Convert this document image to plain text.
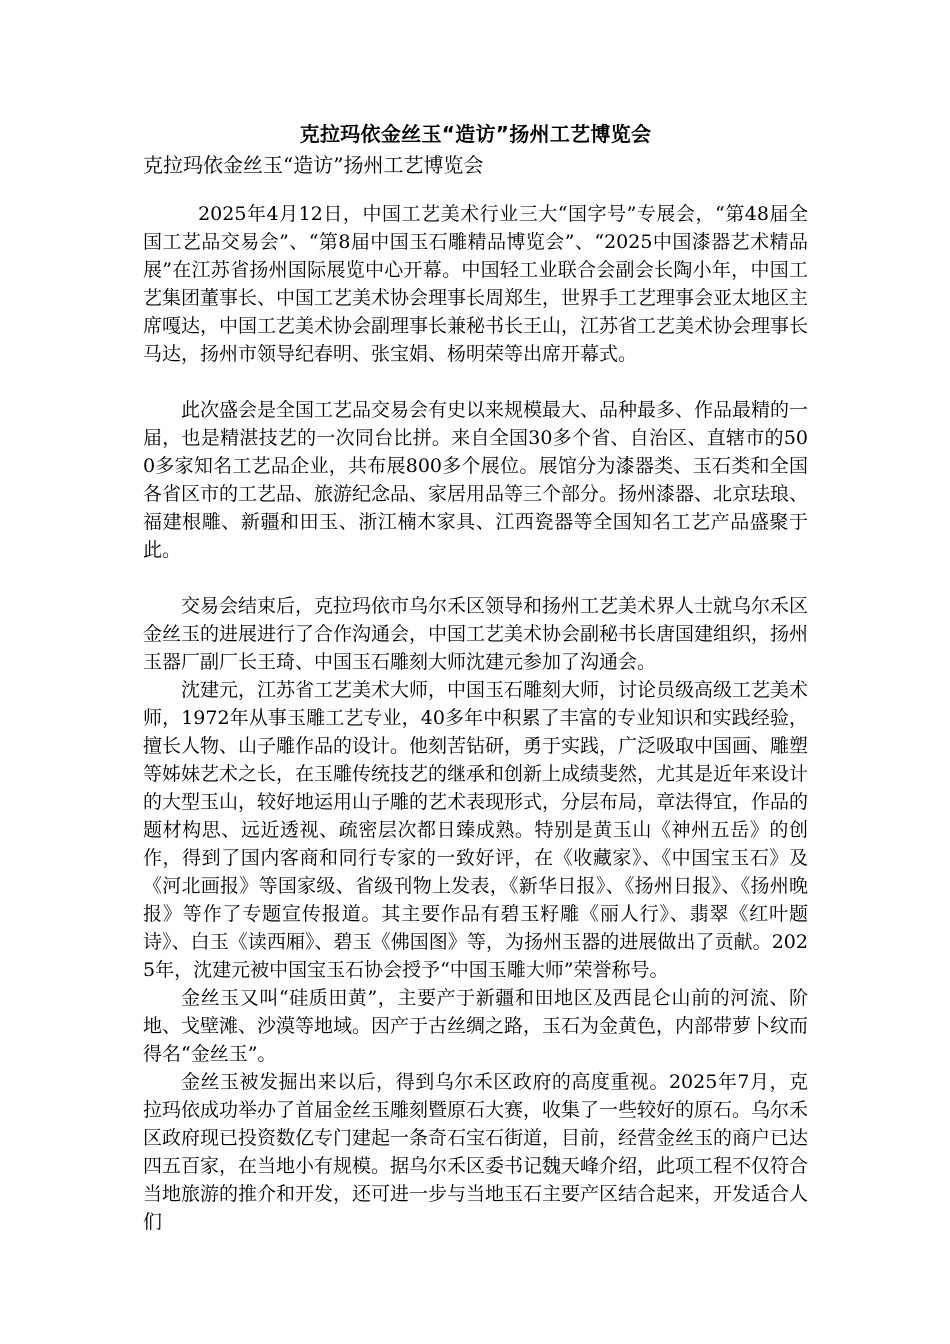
克拉玛依金丝玉“造访”扬州工艺博览会
克拉玛依金丝玉“造访”扬州工艺博览会

2025年4月12日，中国工艺美术行业三大“国字号”专展会，“第48届全国工艺品交易会”、“第8届中国玉石雕精品博览会”、“2025中国漆器艺术精品展”在江苏省扬州国际展览中心开幕。中国轻工业联合会副会长陶小年，中国工艺集团董事长、中国工艺美术协会理事长周郑生，世界手工艺理事会亚太地区主席嘎达，中国工艺美术协会副理事长兼秘书长王山，江苏省工艺美术协会理事长马达，扬州市领导纪春明、张宝娟、杨明荣等出席开幕式。

此次盛会是全国工艺品交易会有史以来规模最大、品种最多、作品最精的一届，也是精湛技艺的一次同台比拼。来自全国30多个省、自治区、直辖市的500多家知名工艺品企业，共布展800多个展位。展馆分为漆器类、玉石类和全国各省区市的工艺品、旅游纪念品、家居用品等三个部分。扬州漆器、北京珐琅、福建根雕、新疆和田玉、浙江楠木家具、江西瓷器等全国知名工艺产品盛聚于此。

交易会结束后，克拉玛依市乌尔禾区领导和扬州工艺美术界人士就乌尔禾区金丝玉的进展进行了合作沟通会，中国工艺美术协会副秘书长唐国建组织，扬州玉器厂副厂长王琦、中国玉石雕刻大师沈建元参加了沟通会。

沈建元，江苏省工艺美术大师，中国玉石雕刻大师，讨论员级高级工艺美术师，1972年从事玉雕工艺专业，40多年中积累了丰富的专业知识和实践经验，擅长人物、山子雕作品的设计。他刻苦钻研，勇于实践，广泛吸取中国画、雕塑等姊妹艺术之长，在玉雕传统技艺的继承和创新上成绩斐然，尤其是近年来设计的大型玉山，较好地运用山子雕的艺术表现形式，分层布局，章法得宜，作品的题材构思、远近透视、疏密层次都日臻成熟。特别是黄玉山《神州五岳》的创作，得到了国内客商和同行专家的一致好评，在《收藏家》、《中国宝玉石》及《河北画报》等国家级、省级刊物上发表，《新华日报》、《扬州日报》、《扬州晚报》等作了专题宣传报道。其主要作品有碧玉籽雕《丽人行》、翡翠《红叶题诗》、白玉《读西厢》、碧玉《佛国图》等，为扬州玉器的进展做出了贡献。2025年，沈建元被中国宝玉石协会授予“中国玉雕大师”荣誉称号。

金丝玉又叫“硅质田黄”，主要产于新疆和田地区及西昆仑山前的河流、阶地、戈壁滩、沙漠等地域。因产于古丝绸之路，玉石为金黄色，内部带萝卜纹而得名“金丝玉”。

金丝玉被发掘出来以后，得到乌尔禾区政府的高度重视。2025年7月，克拉玛依成功举办了首届金丝玉雕刻暨原石大赛，收集了一些较好的原石。乌尔禾区政府现已投资数亿专门建起一条奇石宝石街道，目前，经营金丝玉的商户已达四五百家，在当地小有规模。据乌尔禾区委书记魏天峰介绍，此项工程不仅符合当地旅游的推介和开发，还可进一步与当地玉石主要产区结合起来，开发适合人们
